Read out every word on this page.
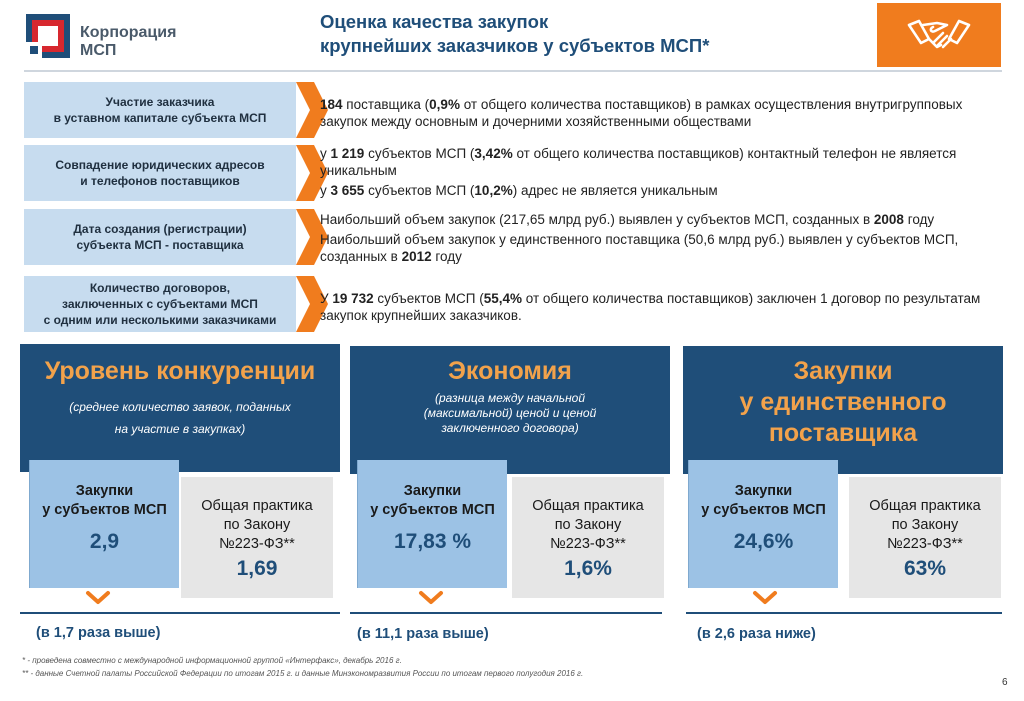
Корпорация
МСП
Оценка качества закупок
крупнейших заказчиков у субъектов МСП*
Участие заказчика
в уставном капитале субъекта МСП

184 поставщика (0,9% от общего количества поставщиков) в рамках осуществления внутригрупповых закупок между основным и дочерними хозяйственными обществами

Совпадение юридических адресов
и телефонов поставщиков

у 1 219 субъектов МСП (3,42% от общего количества поставщиков) контактный телефон не является уникальным

у 3 655 субъектов МСП (10,2%) адрес не является уникальным

Дата создания (регистрации)
субъекта МСП - поставщика

Наибольший объем закупок (217,65 млрд руб.) выявлен у субъектов МСП, созданных в 2008 году

Наибольший объем закупок у единственного поставщика (50,6 млрд руб.) выявлен у субъектов МСП, созданных в 2012 году

Количество договоров,
заключенных с субъектами МСП
с одним или несколькими заказчиками

У 19 732 субъектов МСП (55,4% от общего количества поставщиков) заключен 1 договор по результатам закупок крупнейших заказчиков.

Уровень конкуренции
(среднее количество заявок, поданных
на участие в закупках)
Общая практика
по Закону
№223-ФЗ**
1,69
Закупки
у субъектов МСП
2,9
(в 1,7 раза выше)
Экономия
(разница между начальной
(максимальной) ценой и ценой
заключенного договора)
Общая практика
по Закону
№223-ФЗ**
1,6%
Закупки
у субъектов МСП
17,83 %
(в 11,1 раза выше)
Закупки
у единственного
поставщика
Общая практика
по Закону
№223-ФЗ**
63%
Закупки
у субъектов МСП
24,6%
(в 2,6 раза ниже)
* - проведена совместно с международной информационной группой «Интерфакс», декабрь 2016 г.
** - данные Счетной палаты Российской Федерации по итогам 2015 г. и данные Минэкономразвития России по итогам первого полугодия 2016 г.
6
